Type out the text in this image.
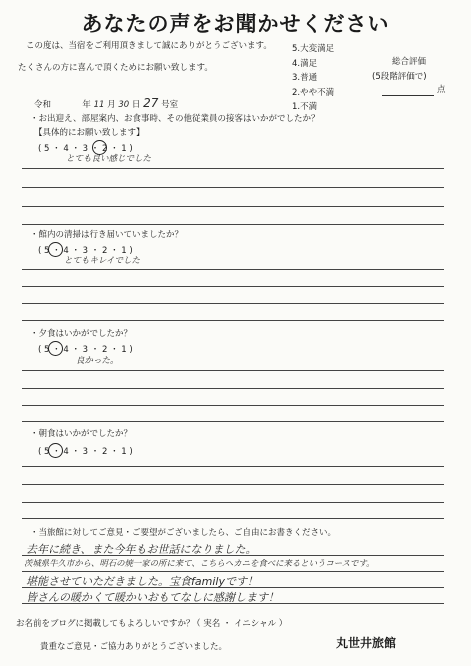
あなたの声をお聞かせください
この度は、当宿をご利用頂きまして誠にありがとうございます。
たくさんの方に喜んで頂くためにお願い致します。
5.大変満足
4.満足
3.普通
2.やや不満
1.不満
総合評価
(5段階評価で)
点
令和	年 11 月 30 日 27 号室
・お出迎え、部屋案内、お食事時、その他従業員の接客はいかがでしたか？
【具体的にお願い致します】
( 5 ・ 4 ・ 3 ・ 2 ・ 1 )
とても良い感じでした
・館内の清掃は行き届いていましたか？
( 5 ・ 4 ・ 3 ・ 2 ・ 1 )
とてもキレイでした
・夕食はいかがでしたか？
( 5 ・ 4 ・ 3 ・ 2 ・ 1 )
良かった。
・朝食はいかがでしたか？
( 5 ・ 4 ・ 3 ・ 2 ・ 1 )
・当旅館に対してご意見・ご要望がございましたら、ご自由にお書きください。
去年に続き、また今年もお世話になりました。
茨城県牛久市から、明石の焼一家の所に来て、こちらへカニを食べに来るというコースです。
堪能させていただきました。宝食familyです！
皆さんの暖かくて暖かいおもてなしに感謝します！
お名前をブログに掲載してもよろしいですか？
（ 実名 ・ イニシャル ）
貴重なご意見・ご協力ありがとうございました。	丸世井旅館
